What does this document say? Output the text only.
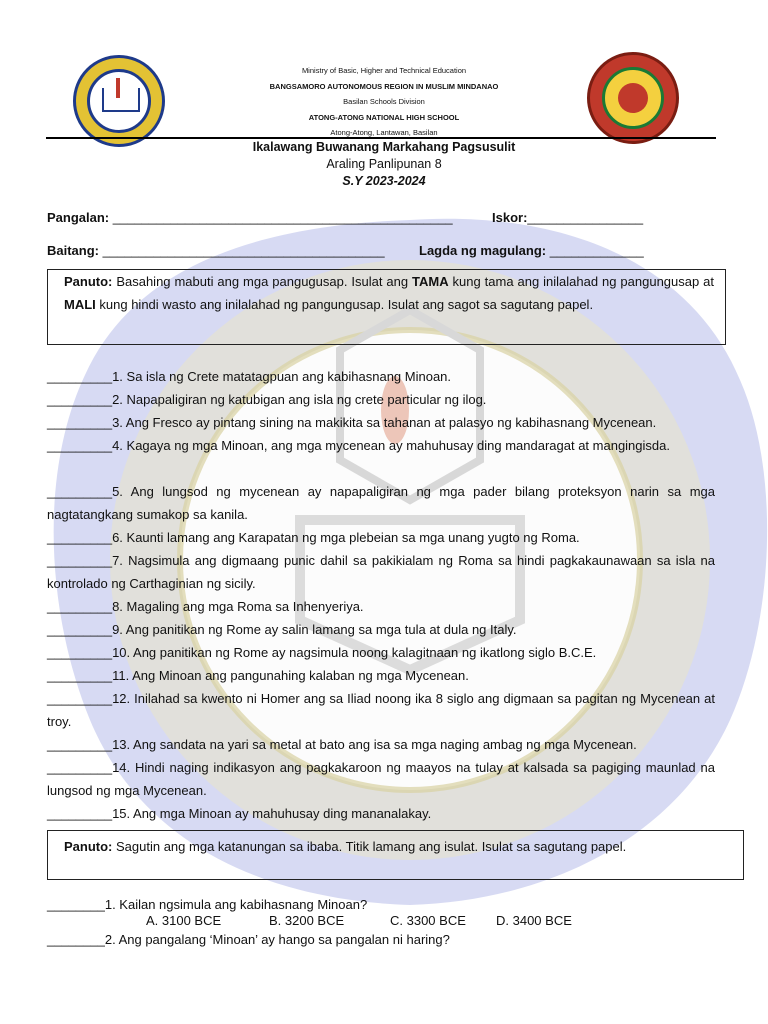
Ministry of Basic, Higher and Technical Education
BANGSAMORO AUTONOMOUS REGION IN MUSLIM MINDANAO
Basilan Schools Division
ATONG-ATONG NATIONAL HIGH SCHOOL
Atong-Atong, Lantawan, Basilan
Ikalawang Buwanang Markahang Pagsusulit
Araling Panlipunan 8
S.Y 2023-2024
Pangalan: _______________________________________________	Iskor:________________
Baitang: _______________________________________	Lagda ng magulang: _____________
Panuto: Basahing mabuti ang mga pangugusap. Isulat ang TAMA kung tama ang inilalahad ng pangungusap at MALI kung hindi wasto ang inilalahad ng pangungusap. Isulat ang sagot sa sagutang papel.
_________1. Sa isla ng Crete matatagpuan ang kabihasnang Minoan.
_________2. Napapaligiran ng katubigan ang isla ng crete particular ng ilog.
_________3. Ang Fresco ay pintang sining na makikita sa tahanan at palasyo ng kabihasnang Mycenean.
_________4. Kagaya ng mga Minoan, ang mga mycenean ay mahuhusay ding mandaragat at mangingisda.
_________5. Ang lungsod ng mycenean ay napapaligiran ng mga pader bilang proteksyon narin sa mga nagtatangkang sumakop sa kanila.
_________6. Kaunti lamang ang Karapatan ng mga plebeian sa mga unang yugto ng Roma.
_________7. Nagsimula ang digmaang punic dahil sa pakikialam ng Roma sa hindi pagkakaunawaan sa isla na kontrolado ng Carthaginian ng sicily.
_________8. Magaling ang mga Roma sa Inhenyeriya.
_________9. Ang panitikan ng Rome ay salin lamang sa mga tula at dula ng Italy.
_________10. Ang panitikan ng Rome ay nagsimula noong kalagitnaan ng ikatlong siglo B.C.E.
_________11. Ang Minoan ang pangunahing kalaban ng mga Mycenean.
_________12. Inilahad sa kwento ni Homer ang sa Iliad noong ika 8 siglo ang digmaan sa pagitan ng Mycenean at troy.
_________13. Ang sandata na yari sa metal at bato ang isa sa mga naging ambag ng mga Mycenean.
_________14. Hindi naging indikasyon ang pagkakaroon ng maayos na tulay at kalsada sa pagiging maunlad na lungsod ng mga Mycenean.
_________15. Ang mga Minoan ay mahuhusay ding mananalakay.
Panuto: Sagutin ang mga katanungan sa ibaba. Titik lamang ang isulat. Isulat sa sagutang papel.
________1. Kailan ngsimula ang kabihasnang Minoan?
A. 3100 BCE	B. 3200 BCE	C. 3300 BCE D. 3400 BCE
________2. Ang pangalang ‘Minoan’ ay hango sa pangalan ni haring?
